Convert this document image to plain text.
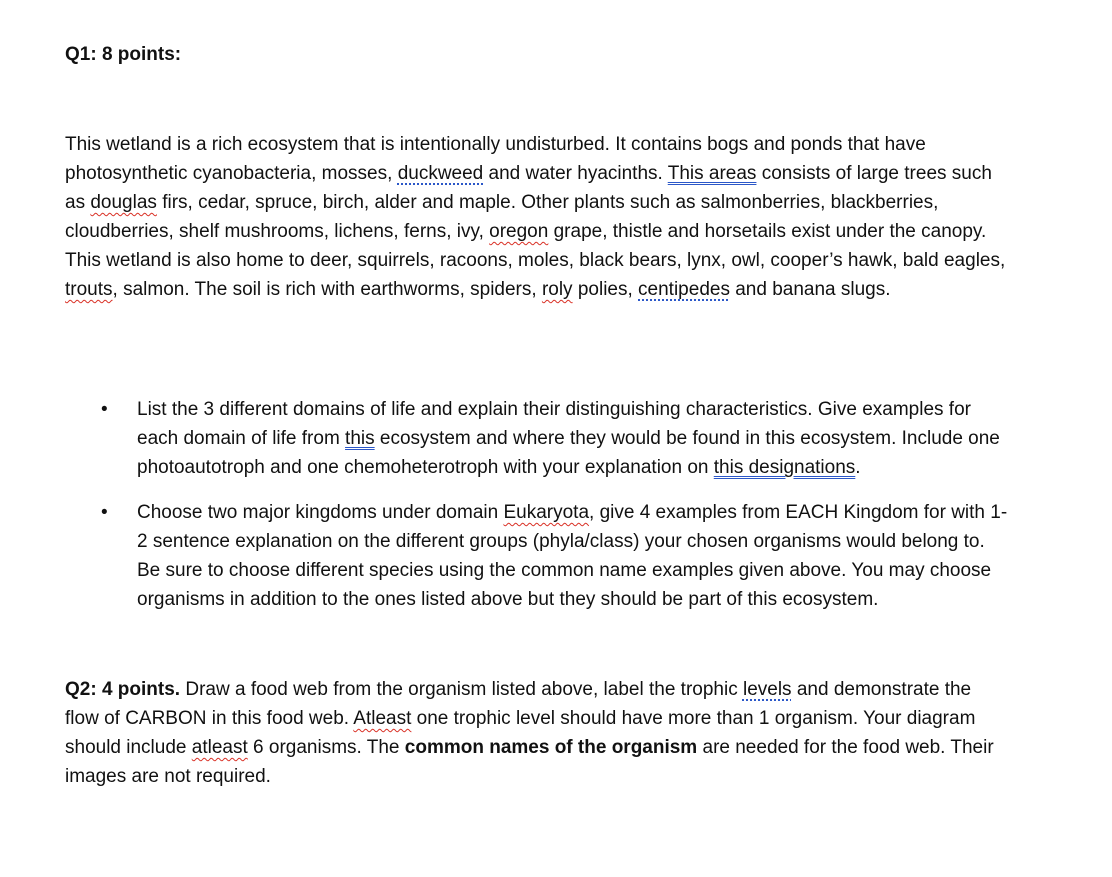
Q1: 8 points:

This wetland is a rich ecosystem that is intentionally undisturbed. It contains bogs and ponds that have photosynthetic cyanobacteria, mosses, duckweed and water hyacinths. This areas consists of large trees such as douglas firs, cedar, spruce, birch, alder and maple. Other plants such as salmonberries, blackberries, cloudberries, shelf mushrooms, lichens, ferns, ivy, oregon grape, thistle and horsetails exist under the canopy. This wetland is also home to deer, squirrels, racoons, moles, black bears, lynx, owl, cooper’s hawk, bald eagles, trouts, salmon. The soil is rich with earthworms, spiders, roly polies, centipedes and banana slugs.

• List the 3 different domains of life and explain their distinguishing characteristics. Give examples for each domain of life from this ecosystem and where they would be found in this ecosystem. Include one photoautotroph and one chemoheterotroph with your explanation on this designations.
• Choose two major kingdoms under domain Eukaryota, give 4 examples from EACH Kingdom for with 1-2 sentence explanation on the different groups (phyla/class) your chosen organisms would belong to. Be sure to choose different species using the common name examples given above. You may choose organisms in addition to the ones listed above but they should be part of this ecosystem.

Q2: 4 points. Draw a food web from the organism listed above, label the trophic levels and demonstrate the flow of CARBON in this food web. Atleast one trophic level should have more than 1 organism. Your diagram should include atleast 6 organisms. The common names of the organism are needed for the food web. Their images are not required.
